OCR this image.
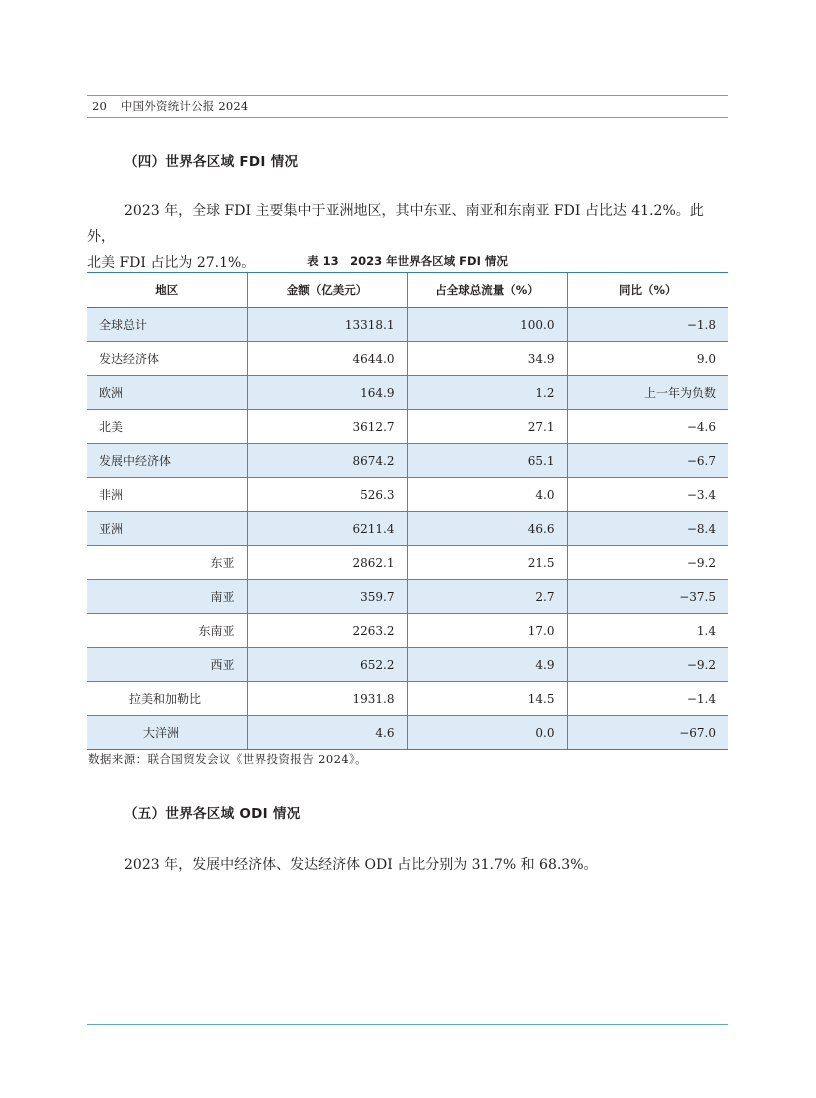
20 中国外资统计公报 2024
（四）世界各区域 FDI 情况
2023 年，全球 FDI 主要集中于亚洲地区，其中东亚、南亚和东南亚 FDI 占比达 41.2%。此外，
北美 FDI 占比为 27.1%。	表 13　2023 年世界各区域 FDI 情况
地区	金额（亿美元）	占全球总流量（%）	同比（%）
全球总计	13318.1	100.0	−1.8
发达经济体	4644.0	34.9	9.0
欧洲	164.9	1.2	上一年为负数
北美	3612.7	27.1	−4.6
发展中经济体	8674.2	65.1	−6.7
非洲	526.3	4.0	−3.4
亚洲	6211.4	46.6	−8.4
东亚	2862.1	21.5	−9.2
南亚	359.7	2.7	−37.5
东南亚	2263.2	17.0	1.4
西亚	652.2	4.9	−9.2
拉美和加勒比	1931.8	14.5	−1.4
大洋洲	4.6	0.0	−67.0
数据来源：联合国贸发会议《世界投资报告 2024》。
（五）世界各区域 ODI 情况
2023 年，发展中经济体、发达经济体 ODI 占比分别为 31.7% 和 68.3%。
